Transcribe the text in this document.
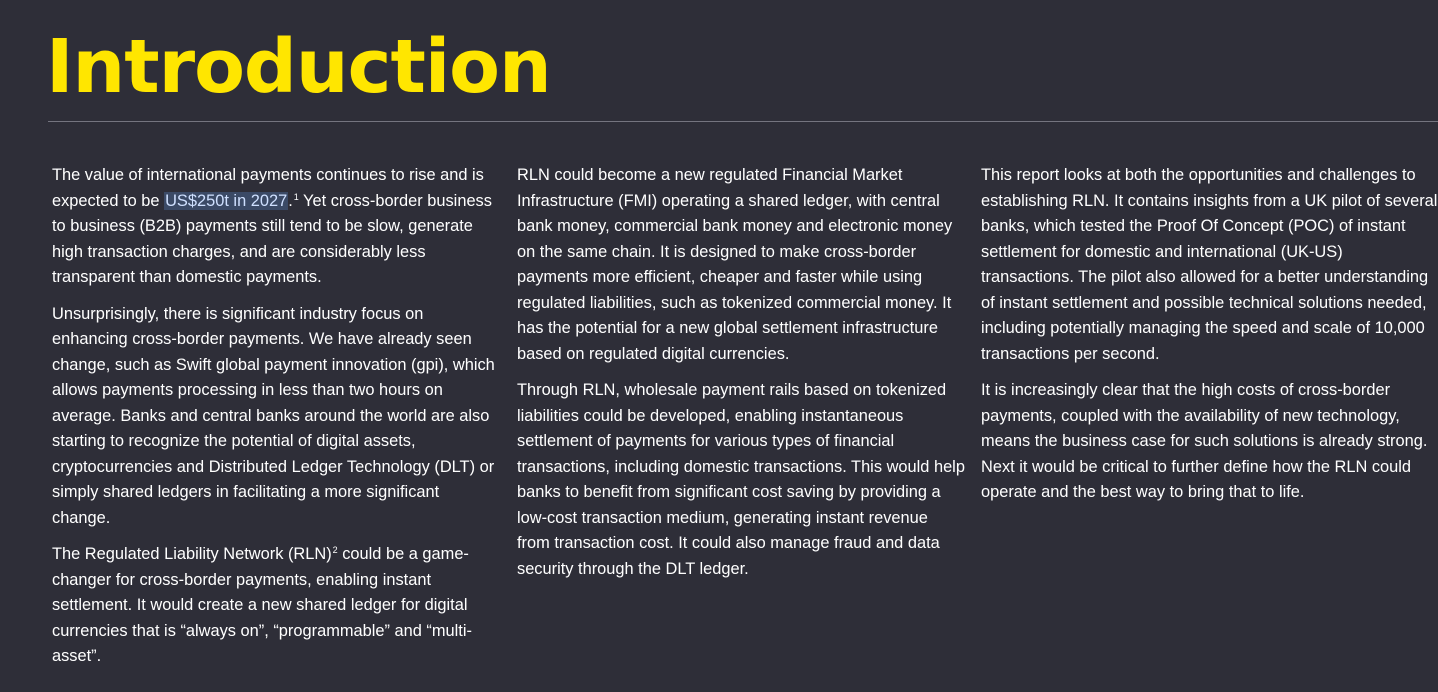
Introduction

The value of international payments continues to rise and is expected to be US$250t in 2027.$^1$ Yet cross-border business to business (B2B) payments still tend to be slow, generate high transaction charges, and are considerably less transparent than domestic payments.

Unsurprisingly, there is significant industry focus on enhancing cross-border payments. We have already seen change, such as Swift global payment innovation (gpi), which allows payments processing in less than two hours on average. Banks and central banks around the world are also starting to recognize the potential of digital assets, cryptocurrencies and Distributed Ledger Technology (DLT) or simply shared ledgers in facilitating a more significant change.

The Regulated Liability Network (RLN)$^2$ could be a game-changer for cross-border payments, enabling instant settlement. It would create a new shared ledger for digital currencies that is “always on”, “programmable” and “multi-asset”.

RLN could become a new regulated Financial Market Infrastructure (FMI) operating a shared ledger, with central bank money, commercial bank money and electronic money on the same chain. It is designed to make cross-border payments more efficient, cheaper and faster while using regulated liabilities, such as tokenized commercial money. It has the potential for a new global settlement infrastructure based on regulated digital currencies.

Through RLN, wholesale payment rails based on tokenized liabilities could be developed, enabling instantaneous settlement of payments for various types of financial transactions, including domestic transactions. This would help banks to benefit from significant cost saving by providing a low-cost transaction medium, generating instant revenue from transaction cost. It could also manage fraud and data security through the DLT ledger.

This report looks at both the opportunities and challenges to establishing RLN. It contains insights from a UK pilot of several banks, which tested the Proof Of Concept (POC) of instant settlement for domestic and international (UK-US) transactions. The pilot also allowed for a better understanding of instant settlement and possible technical solutions needed, including potentially managing the speed and scale of 10,000 transactions per second.

It is increasingly clear that the high costs of cross-border payments, coupled with the availability of new technology, means the business case for such solutions is already strong. Next it would be critical to further define how the RLN could operate and the best way to bring that to life.
